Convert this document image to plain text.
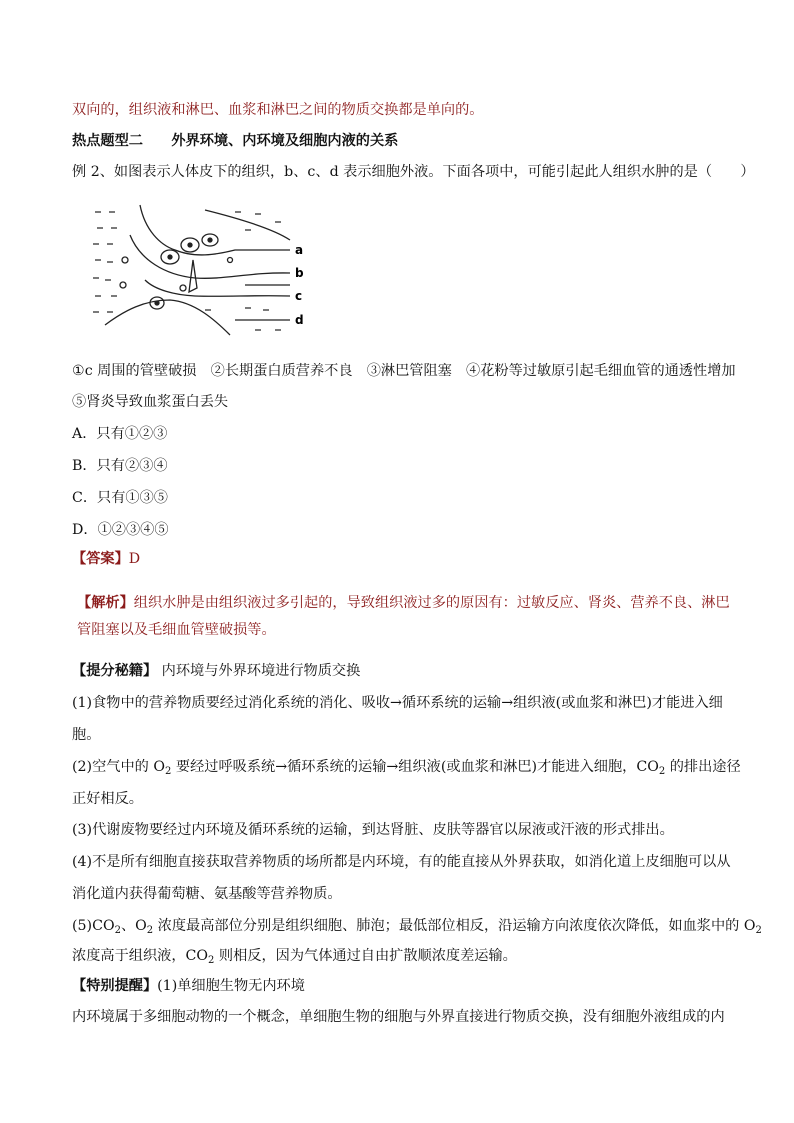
双向的，组织液和淋巴、血浆和淋巴之间的物质交换都是单向的。
热点题型二　　外界环境、内环境及细胞内液的关系
例 2、如图表示人体皮下的组织，b、c、d 表示细胞外液。下面各项中，可能引起此人组织水肿的是（　　）
a
b
c
d
①c 周围的管壁破损　②长期蛋白质营养不良　③淋巴管阻塞　④花粉等过敏原引起毛细血管的通透性增加
⑤肾炎导致血浆蛋白丢失
A．只有①②③
B．只有②③④
C．只有①③⑤
D．①②③④⑤
【答案】D
【解析】组织水肿是由组织液过多引起的，导致组织液过多的原因有：过敏反应、肾炎、营养不良、淋巴
管阻塞以及毛细血管壁破损等。
【提分秘籍】 内环境与外界环境进行物质交换
(1)食物中的营养物质要经过消化系统的消化、吸收→循环系统的运输→组织液(或血浆和淋巴)才能进入细
胞。
(2)空气中的 $O_2$ 要经过呼吸系统→循环系统的运输→组织液(或血浆和淋巴)才能进入细胞，$CO_2$ 的排出途径
正好相反。
(3)代谢废物要经过内环境及循环系统的运输，到达肾脏、皮肤等器官以尿液或汗液的形式排出。
(4)不是所有细胞直接获取营养物质的场所都是内环境，有的能直接从外界获取，如消化道上皮细胞可以从
消化道内获得葡萄糖、氨基酸等营养物质。
$(5)CO_2$、$O_2$ 浓度最高部位分别是组织细胞、肺泡；最低部位相反，沿运输方向浓度依次降低，如血浆中的 $O_2$
浓度高于组织液，$CO_2$ 则相反，因为气体通过自由扩散顺浓度差运输。
【特别提醒】(1)单细胞生物无内环境
内环境属于多细胞动物的一个概念，单细胞生物的细胞与外界直接进行物质交换，没有细胞外液组成的内
